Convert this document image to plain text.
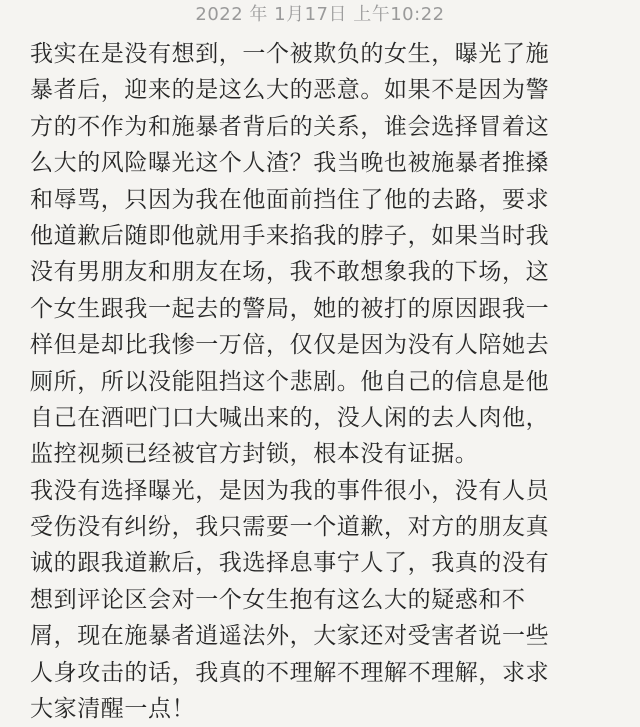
2022 年 1月17日 上午10:22
我实在是没有想到，一个被欺负的女生，曝光了施
暴者后，迎来的是这么大的恶意。如果不是因为警
方的不作为和施暴者背后的关系，谁会选择冒着这
么大的风险曝光这个人渣？我当晚也被施暴者推搡
和辱骂，只因为我在他面前挡住了他的去路，要求
他道歉后随即他就用手来掐我的脖子，如果当时我
没有男朋友和朋友在场，我不敢想象我的下场，这
个女生跟我一起去的警局，她的被打的原因跟我一
样但是却比我惨一万倍，仅仅是因为没有人陪她去
厕所，所以没能阻挡这个悲剧。他自己的信息是他
自己在酒吧门口大喊出来的，没人闲的去人肉他，
监控视频已经被官方封锁，根本没有证据。
我没有选择曝光，是因为我的事件很小，没有人员
受伤没有纠纷，我只需要一个道歉，对方的朋友真
诚的跟我道歉后，我选择息事宁人了，我真的没有
想到评论区会对一个女生抱有这么大的疑惑和不
屑，现在施暴者逍遥法外，大家还对受害者说一些
人身攻击的话，我真的不理解不理解不理解，求求
大家清醒一点！
